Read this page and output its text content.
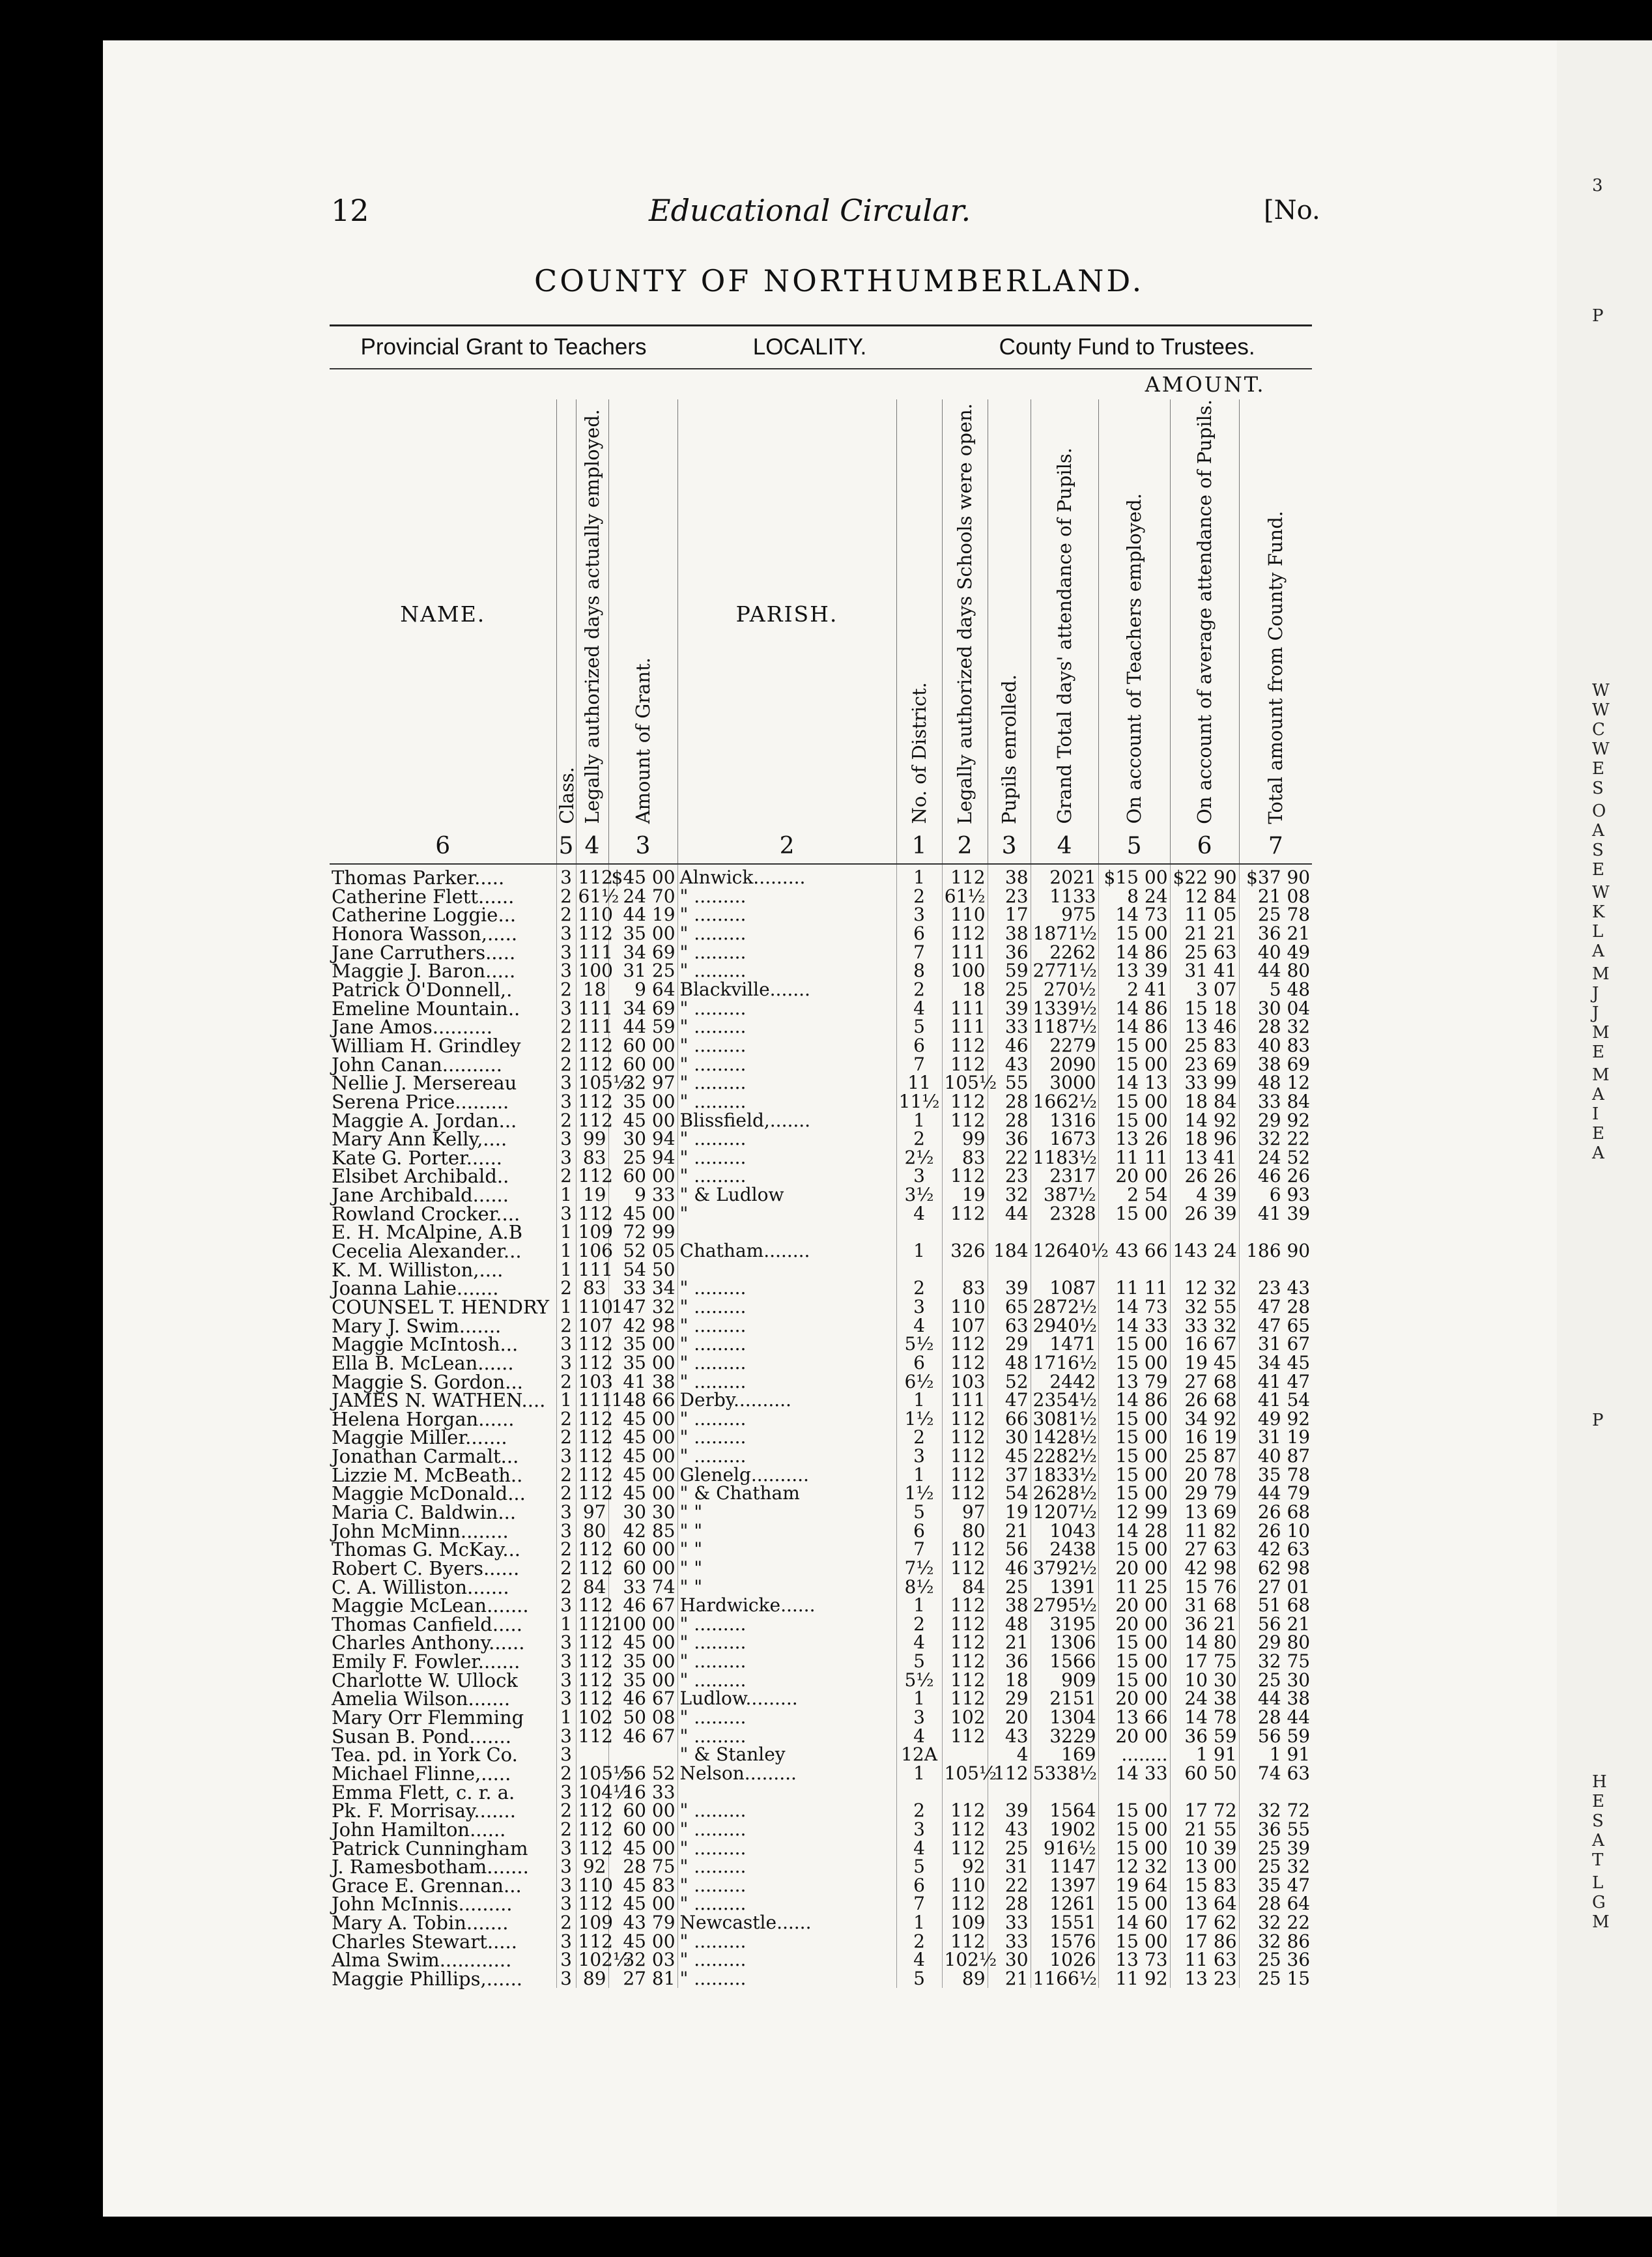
3
P
W
W
C
W
E
S
O
A
S
E
W
K
L
A
M
J
J
M
E
M
A
I
E
A
P
H
E
S
A
T
L
G
M
12	Educational Circular.	[No.
COUNTY OF NORTHUMBERLAND.
Provincial Grant to Teachers				LOCALITY.		County Fund to Trustees.					
									AMOUNT.		
NAME.	Class.	Legally authorized days actually employed.	Amount of Grant.	PARISH.	No. of District.	Legally authorized days Schools were open.	Pupils enrolled.	Grand Total days' attendance of Pupils.	On account of Teachers employed.	On account of average attendance of Pupils.	Total amount from County Fund.
6	5	4	3	2	1	2	3	4	5	6	7
Thomas Parker.....	3	112	$45 00	Alnwick.........	1	112	38	2021	$15 00	$22 90	$37 90
Catherine Flett......	2	61½	24 70	" .........	2	61½	23	1133	8 24	12 84	21 08
Catherine Loggie...	2	110	44 19	" .........	3	110	17	975	14 73	11 05	25 78
Honora Wasson,.....	3	112	35 00	" .........	6	112	38	1871½	15 00	21 21	36 21
Jane Carruthers.....	3	111	34 69	" .........	7	111	36	2262	14 86	25 63	40 49
Maggie J. Baron.....	3	100	31 25	" .........	8	100	59	2771½	13 39	31 41	44 80
Patrick O'Donnell,.	2	18	9 64	Blackville.......	2	18	25	270½	2 41	3 07	5 48
Emeline Mountain..	3	111	34 69	" .........	4	111	39	1339½	14 86	15 18	30 04
Jane Amos..........	2	111	44 59	" .........	5	111	33	1187½	14 86	13 46	28 32
William H. Grindley	2	112	60 00	" .........	6	112	46	2279	15 00	25 83	40 83
John Canan..........	2	112	60 00	" .........	7	112	43	2090	15 00	23 69	38 69
Nellie J. Mersereau	3	105½	32 97	" .........	11	105½	55	3000	14 13	33 99	48 12
Serena Price.........	3	112	35 00	" .........	11½	112	28	1662½	15 00	18 84	33 84
Maggie A. Jordan...	2	112	45 00	Blissfield,.......	1	112	28	1316	15 00	14 92	29 92
Mary Ann Kelly,....	3	99	30 94	" .........	2	99	36	1673	13 26	18 96	32 22
Kate G. Porter......	3	83	25 94	" .........	2½	83	22	1183½	11 11	13 41	24 52
Elsibet Archibald..	2	112	60 00	" .........	3	112	23	2317	20 00	26 26	46 26
Jane Archibald......	1	19	9 33	" & Ludlow	3½	19	32	387½	2 54	4 39	6 93
Rowland Crocker....	3	112	45 00	"	4	112	44	2328	15 00	26 39	41 39
E. H. McAlpine, A.B	1	109	72 99								
Cecelia Alexander...	1	106	52 05	Chatham........	1	326	184	12640½	43 66	143 24	186 90
K. M. Williston,....	1	111	54 50								
Joanna Lahie.......	2	83	33 34	" .........	2	83	39	1087	11 11	12 32	23 43
COUNSEL T. HENDRY	1	110	147 32	" .........	3	110	65	2872½	14 73	32 55	47 28
Mary J. Swim.......	2	107	42 98	" .........	4	107	63	2940½	14 33	33 32	47 65
Maggie McIntosh...	3	112	35 00	" .........	5½	112	29	1471	15 00	16 67	31 67
Ella B. McLean......	3	112	35 00	" .........	6	112	48	1716½	15 00	19 45	34 45
Maggie S. Gordon...	2	103	41 38	" .........	6½	103	52	2442	13 79	27 68	41 47
JAMES N. WATHEN....	1	111	148 66	Derby..........	1	111	47	2354½	14 86	26 68	41 54
Helena Horgan......	2	112	45 00	" .........	1½	112	66	3081½	15 00	34 92	49 92
Maggie Miller.......	2	112	45 00	" .........	2	112	30	1428½	15 00	16 19	31 19
Jonathan Carmalt...	3	112	45 00	" .........	3	112	45	2282½	15 00	25 87	40 87
Lizzie M. McBeath..	2	112	45 00	Glenelg..........	1	112	37	1833½	15 00	20 78	35 78
Maggie McDonald...	2	112	45 00	" & Chatham	1½	112	54	2628½	15 00	29 79	44 79
Maria C. Baldwin...	3	97	30 30	" "	5	97	19	1207½	12 99	13 69	26 68
John McMinn........	3	80	42 85	" "	6	80	21	1043	14 28	11 82	26 10
Thomas G. McKay...	2	112	60 00	" "	7	112	56	2438	15 00	27 63	42 63
Robert C. Byers......	2	112	60 00	" "	7½	112	46	3792½	20 00	42 98	62 98
C. A. Williston.......	2	84	33 74	" "	8½	84	25	1391	11 25	15 76	27 01
Maggie McLean.......	3	112	46 67	Hardwicke......	1	112	38	2795½	20 00	31 68	51 68
Thomas Canfield.....	1	112	100 00	" .........	2	112	48	3195	20 00	36 21	56 21
Charles Anthony......	3	112	45 00	" .........	4	112	21	1306	15 00	14 80	29 80
Emily F. Fowler.......	3	112	35 00	" .........	5	112	36	1566	15 00	17 75	32 75
Charlotte W. Ullock	3	112	35 00	" .........	5½	112	18	909	15 00	10 30	25 30
Amelia Wilson.......	3	112	46 67	Ludlow.........	1	112	29	2151	20 00	24 38	44 38
Mary Orr Flemming	1	102	50 08	" .........	3	102	20	1304	13 66	14 78	28 44
Susan B. Pond.......	3	112	46 67	" .........	4	112	43	3229	20 00	36 59	56 59
Tea. pd. in York Co.	3			" & Stanley	12A		4	169	........	1 91	1 91
Michael Flinne,.....	2	105½	56 52	Nelson.........	1	105½	112	5338½	14 33	60 50	74 63
Emma Flett, c. r. a.	3	104½	16 33								
Pk. F. Morrisay.......	2	112	60 00	" .........	2	112	39	1564	15 00	17 72	32 72
John Hamilton......	2	112	60 00	" .........	3	112	43	1902	15 00	21 55	36 55
Patrick Cunningham	3	112	45 00	" .........	4	112	25	916½	15 00	10 39	25 39
J. Ramesbotham.......	3	92	28 75	" .........	5	92	31	1147	12 32	13 00	25 32
Grace E. Grennan...	3	110	45 83	" .........	6	110	22	1397	19 64	15 83	35 47
John McInnis.........	3	112	45 00	" .........	7	112	28	1261	15 00	13 64	28 64
Mary A. Tobin.......	2	109	43 79	Newcastle......	1	109	33	1551	14 60	17 62	32 22
Charles Stewart.....	3	112	45 00	" .........	2	112	33	1576	15 00	17 86	32 86
Alma Swim............	3	102½	32 03	" .........	4	102½	30	1026	13 73	11 63	25 36
Maggie Phillips,......	3	89	27 81	" .........	5	89	21	1166½	11 92	13 23	25 15
